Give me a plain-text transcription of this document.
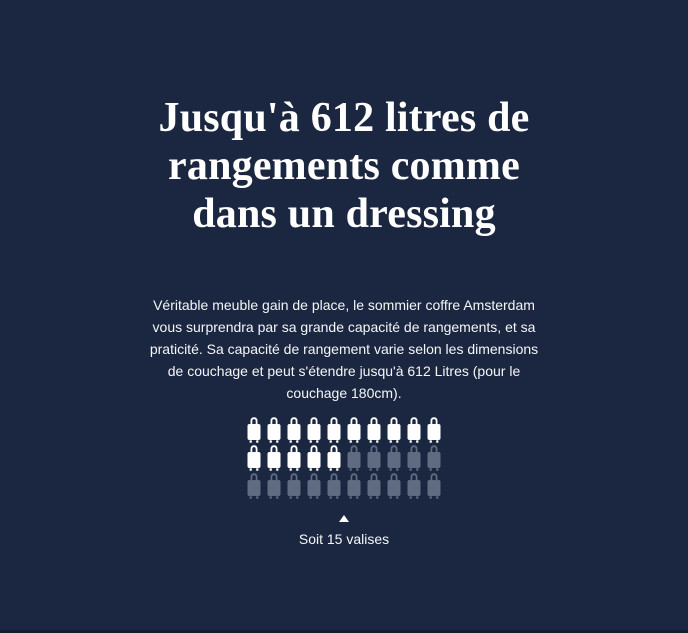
Jusqu'à 612 litres de
rangements comme
dans un dressing

Véritable meuble gain de place, le sommier coffre Amsterdam
vous surprendra par sa grande capacité de rangements, et sa
praticité. Sa capacité de rangement varie selon les dimensions
de couchage et peut s'étendre jusqu'à 612 Litres (pour le
couchage 180cm).

Soit 15 valises
